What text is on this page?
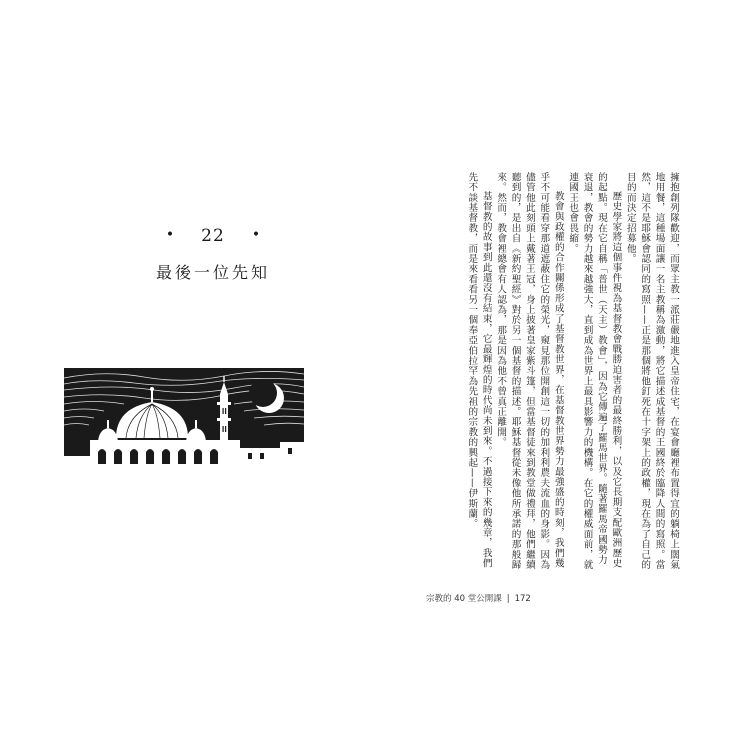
• 22 •
最後一位先知	擁抱創列隊歡迎，而眾主教一派莊嚴地進入皇帝住宅，在宴會廳裡布置得宜的躺椅上闊氣地用餐，這種場面讓一名主教稱為激動，將它描述成基督的王國終於臨降人間的寫照。當然，這不是耶穌會認同的寫照——正是那個將他釘死在十字架上的政權，現在為了自己的目的而決定招募他。

歷史學家將這個事件視為基督教會戰勝迫害者的最終勝利，以及它長期支配歐洲歷史的起點。現在它自稱「普世（天主）教會」，因為它傳遍了羅馬世界。隨著羅馬帝國勢力衰退，教會的勢力越來越強大，直到成為世界上最具影響力的機構。在它的權威面前，就連國王也會畏縮。

教會與政權的合作關係形成了基督教世界，在基督教世界勢力最強盛的時刻，我們幾乎不可能看穿那道遮蔽住它的榮光，窺見那位開創這一切的加利利農夫流血的身影。因為儘管他此刻頭上戴著王冠，身上披著皇家紫斗篷，但當基督徒來到教堂做禮拜，他們繼續聽到的，是出自《新約聖經》對於另一個基督的描述。耶穌基督從未像他所承諾的那般歸來。然而，教會裡總會有人認為，那是因為他不曾真正離開。

基督教的故事到此還沒有結束，它最輝煌的時代尚未到來。不過接下來的幾章，我們先不談基督教，而是來看看另一個奉亞伯拉罕為先祖的宗教的興起——伊斯蘭。

宗教的 40 堂公開課 | 172
